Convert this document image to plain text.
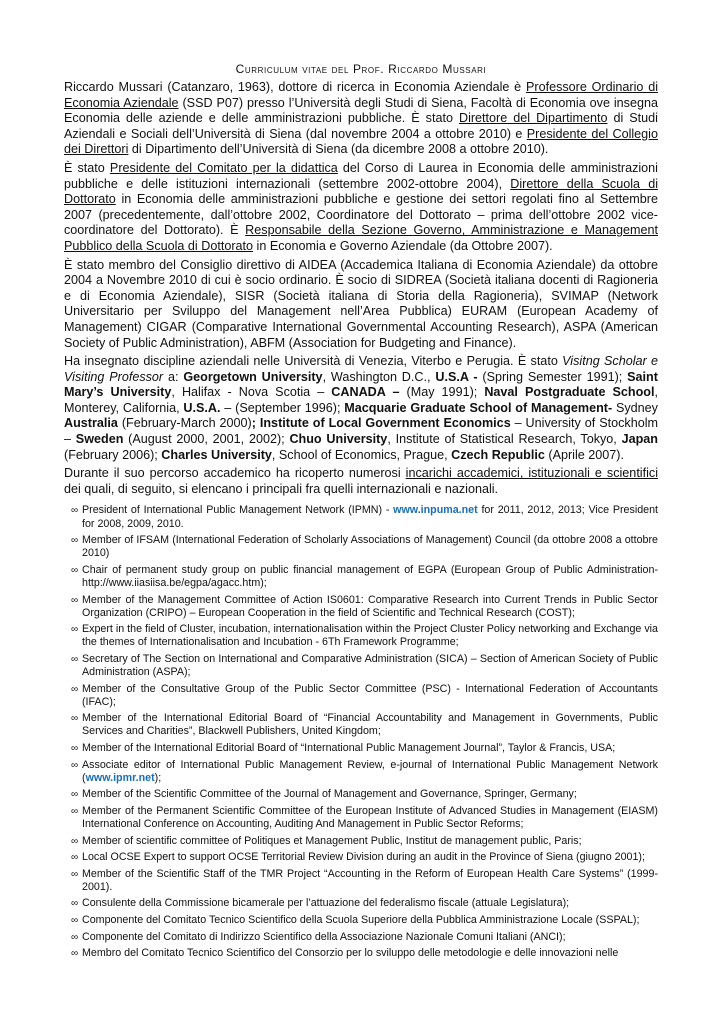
Curriculum vitae del Prof. Riccardo Mussari

Riccardo Mussari (Catanzaro, 1963), dottore di ricerca in Economia Aziendale è Professore Ordinario di Economia Aziendale (SSD P07) presso l’Università degli Studi di Siena, Facoltà di Economia ove insegna Economia delle aziende e delle amministrazioni pubbliche. È stato Direttore del Dipartimento di Studi Aziendali e Sociali dell’Università di Siena (dal novembre 2004 a ottobre 2010) e Presidente del Collegio dei Direttori di Dipartimento dell’Università di Siena (da dicembre 2008 a ottobre 2010).

È stato Presidente del Comitato per la didattica del Corso di Laurea in Economia delle amministrazioni pubbliche e delle istituzioni internazionali (settembre 2002-ottobre 2004), Direttore della Scuola di Dottorato in Economia delle amministrazioni pubbliche e gestione dei settori regolati fino al Settembre 2007 (precedentemente, dall’ottobre 2002, Coordinatore del Dottorato – prima dell’ottobre 2002 vice-coordinatore del Dottorato). È Responsabile della Sezione Governo, Amministrazione e Management Pubblico della Scuola di Dottorato in Economia e Governo Aziendale (da Ottobre 2007).

È stato membro del Consiglio direttivo di AIDEA (Accademica Italiana di Economia Aziendale) da ottobre 2004 a Novembre 2010 di cui è socio ordinario. È socio di SIDREA (Società italiana docenti di Ragioneria e di Economia Aziendale), SISR (Società italiana di Storia della Ragioneria), SVIMAP (Network Universitario per Sviluppo del Management nell’Area Pubblica) EURAM (European Academy of Management) CIGAR (Comparative International Governmental Accounting Research), ASPA (American Society of Public Administration), ABFM (Association for Budgeting and Finance).

Ha insegnato discipline aziendali nelle Università di Venezia, Viterbo e Perugia. È stato Visitng Scholar e Visiting Professor a: Georgetown University, Washington D.C., U.S.A - (Spring Semester 1991); Saint Mary’s University, Halifax - Nova Scotia – CANADA – (May 1991); Naval Postgraduate School, Monterey, California, U.S.A. – (September 1996); Macquarie Graduate School of Management- Sydney Australia (February-March 2000); Institute of Local Government Economics – University of Stockholm – Sweden (August 2000, 2001, 2002); Chuo University, Institute of Statistical Research, Tokyo, Japan (February 2006); Charles University, School of Economics, Prague, Czech Republic (Aprile 2007).

Durante il suo percorso accademico ha ricoperto numerosi incarichi accademici, istituzionali e scientifici dei quali, di seguito, si elencano i principali fra quelli internazionali e nazionali.

∞ President of International Public Management Network (IPMN) - www.inpuma.net for 2011, 2012, 2013; Vice President for 2008, 2009, 2010.
∞ Member of IFSAM (International Federation of Scholarly Associations of Management) Council (da ottobre 2008 a ottobre 2010)
∞ Chair of permanent study group on public financial management of EGPA (European Group of Public Administration-http://www.iiasiisa.be/egpa/agacc.htm);
∞ Member of the Management Committee of Action IS0601: Comparative Research into Current Trends in Public Sector Organization (CRIPO) – European Cooperation in the field of Scientific and Technical Research (COST);
∞ Expert in the field of Cluster, incubation, internationalisation within the Project Cluster Policy networking and Exchange via the themes of Internationalisation and Incubation - 6Th Framework Programme;
∞ Secretary of The Section on International and Comparative Administration (SICA) – Section of American Society of Public Administration (ASPA);
∞ Member of the Consultative Group of the Public Sector Committee (PSC) - International Federation of Accountants (IFAC);
∞ Member of the International Editorial Board of “Financial Accountability and Management in Governments, Public Services and Charities”, Blackwell Publishers, United Kingdom;
∞ Member of the International Editorial Board of “International Public Management Journal”, Taylor & Francis, USA;
∞ Associate editor of International Public Management Review, e-journal of International Public Management Network (www.ipmr.net);
∞ Member of the Scientific Committee of the Journal of Management and Governance, Springer, Germany;
∞ Member of the Permanent Scientific Committee of the European Institute of Advanced Studies in Management (EIASM) International Conference on Accounting, Auditing And Management in Public Sector Reforms;
∞ Member of scientific committee of Politiques et Management Public, Institut de management public, Paris;
∞ Local OCSE Expert to support OCSE Territorial Review Division during an audit in the Province of Siena (giugno 2001);
∞ Member of the Scientific Staff of the TMR Project “Accounting in the Reform of European Health Care Systems” (1999-2001).
∞ Consulente della Commissione bicamerale per l’attuazione del federalismo fiscale (attuale Legislatura);
∞ Componente del Comitato Tecnico Scientifico della Scuola Superiore della Pubblica Amministrazione Locale (SSPAL);
∞ Componente del Comitato di Indirizzo Scientifico della Associazione Nazionale Comuni Italiani (ANCI);
∞ Membro del Comitato Tecnico Scientifico del Consorzio per lo sviluppo delle metodologie e delle innovazioni nelle
